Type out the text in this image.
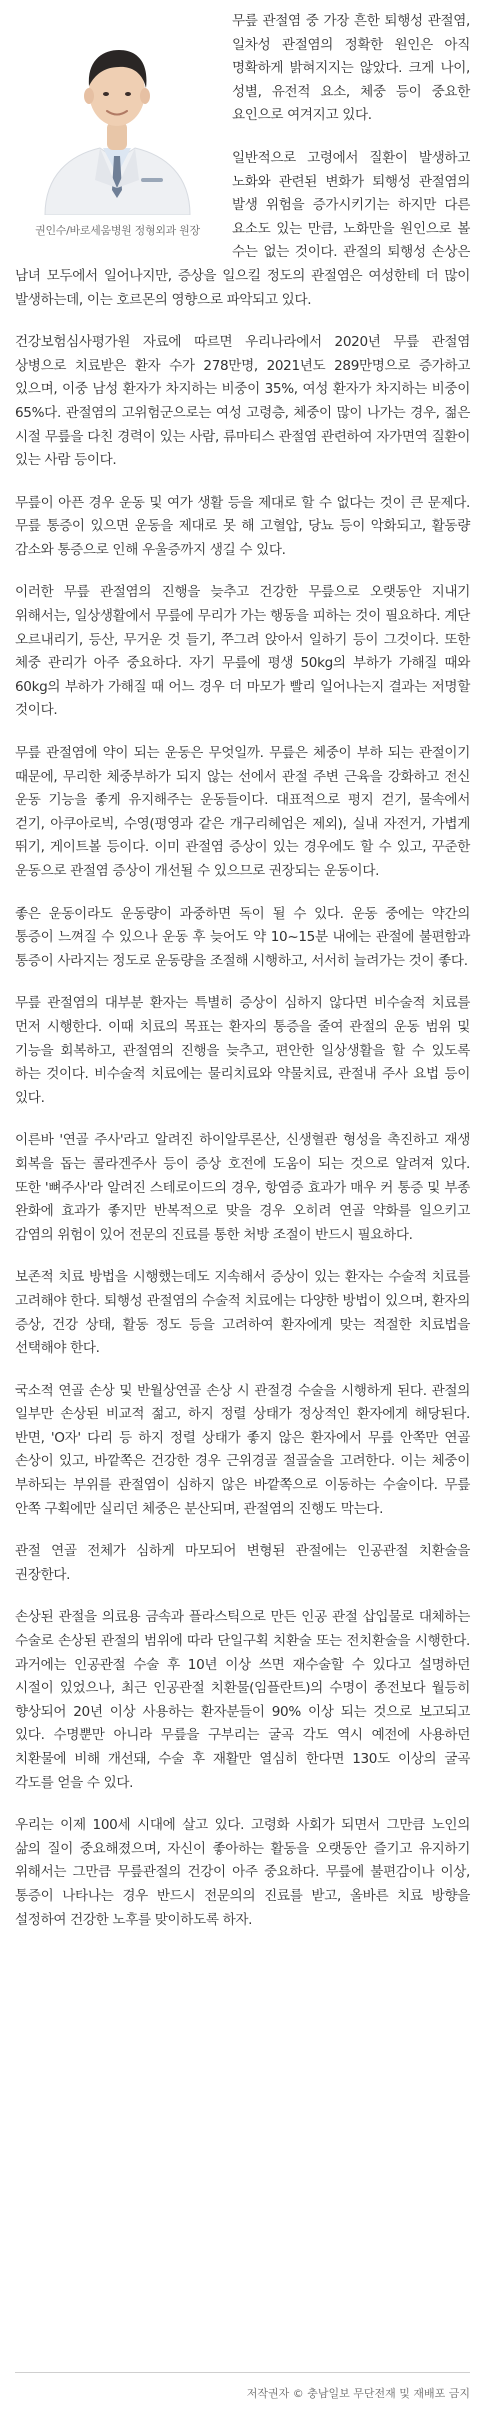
권인수/바로세움병원 정형외과 원장

무릎 관절염 중 가장 흔한 퇴행성 관절염, 일차성 관절염의 정확한 원인은 아직 명확하게 밝혀지지는 않았다. 크게 나이, 성별, 유전적 요소, 체중 등이 중요한 요인으로 여겨지고 있다.

일반적으로 고령에서 질환이 발생하고 노화와 관련된 변화가 퇴행성 관절염의 발생 위험을 증가시키기는 하지만 다른 요소도 있는 만큼, 노화만을 원인으로 볼 수는 없는 것이다. 관절의 퇴행성 손상은 남녀 모두에서 일어나지만, 증상을 일으킬 정도의 관절염은 여성한테 더 많이 발생하는데, 이는 호르몬의 영향으로 파악되고 있다.

건강보험심사평가원 자료에 따르면 우리나라에서 2020년 무릎 관절염 상병으로 치료받은 환자 수가 278만명, 2021년도 289만명으로 증가하고 있으며, 이중 남성 환자가 차지하는 비중이 35%, 여성 환자가 차지하는 비중이 65%다. 관절염의 고위험군으로는 여성 고령층, 체중이 많이 나가는 경우, 젊은 시절 무릎을 다친 경력이 있는 사람, 류마티스 관절염 관련하여 자가면역 질환이 있는 사람 등이다.

무릎이 아픈 경우 운동 및 여가 생활 등을 제대로 할 수 없다는 것이 큰 문제다. 무릎 통증이 있으면 운동을 제대로 못 해 고혈압, 당뇨 등이 악화되고, 활동량 감소와 통증으로 인해 우울증까지 생길 수 있다.

이러한 무릎 관절염의 진행을 늦추고 건강한 무릎으로 오랫동안 지내기 위해서는, 일상생활에서 무릎에 무리가 가는 행동을 피하는 것이 필요하다. 계단 오르내리기, 등산, 무거운 것 들기, 쭈그려 앉아서 일하기 등이 그것이다. 또한 체중 관리가 아주 중요하다. 자기 무릎에 평생 50kg의 부하가 가해질 때와 60kg의 부하가 가해질 때 어느 경우 더 마모가 빨리 일어나는지 결과는 저명할 것이다.

무릎 관절염에 약이 되는 운동은 무엇일까. 무릎은 체중이 부하 되는 관절이기 때문에, 무리한 체중부하가 되지 않는 선에서 관절 주변 근육을 강화하고 전신 운동 기능을 좋게 유지해주는 운동들이다. 대표적으로 평지 걷기, 물속에서 걷기, 아쿠아로빅, 수영(평영과 같은 개구리헤엄은 제외), 실내 자전거, 가볍게 뛰기, 게이트볼 등이다. 이미 관절염 증상이 있는 경우에도 할 수 있고, 꾸준한 운동으로 관절염 증상이 개선될 수 있으므로 권장되는 운동이다.

좋은 운동이라도 운동량이 과중하면 독이 될 수 있다. 운동 중에는 약간의 통증이 느껴질 수 있으나 운동 후 늦어도 약 10~15분 내에는 관절에 불편함과 통증이 사라지는 정도로 운동량을 조절해 시행하고, 서서히 늘려가는 것이 좋다.

무릎 관절염의 대부분 환자는 특별히 증상이 심하지 않다면 비수술적 치료를 먼저 시행한다. 이때 치료의 목표는 환자의 통증을 줄여 관절의 운동 범위 및 기능을 회복하고, 관절염의 진행을 늦추고, 편안한 일상생활을 할 수 있도록 하는 것이다. 비수술적 치료에는 물리치료와 약물치료, 관절내 주사 요법 등이 있다.

이른바 '연골 주사'라고 알려진 하이알루론산, 신생혈관 형성을 촉진하고 재생 회복을 돕는 콜라겐주사 등이 증상 호전에 도움이 되는 것으로 알려져 있다. 또한 '뼈주사'라 알려진 스테로이드의 경우, 항염증 효과가 매우 커 통증 및 부종 완화에 효과가 좋지만 반복적으로 맞을 경우 오히려 연골 약화를 일으키고 감염의 위험이 있어 전문의 진료를 통한 처방 조절이 반드시 필요하다.

보존적 치료 방법을 시행했는데도 지속해서 증상이 있는 환자는 수술적 치료를 고려해야 한다. 퇴행성 관절염의 수술적 치료에는 다양한 방법이 있으며, 환자의 증상, 건강 상태, 활동 정도 등을 고려하여 환자에게 맞는 적절한 치료법을 선택해야 한다.

국소적 연골 손상 및 반월상연골 손상 시 관절경 수술을 시행하게 된다. 관절의 일부만 손상된 비교적 젊고, 하지 정렬 상태가 정상적인 환자에게 해당된다. 반면, 'O자' 다리 등 하지 정렬 상태가 좋지 않은 환자에서 무릎 안쪽만 연골 손상이 있고, 바깥쪽은 건강한 경우 근위경골 절골술을 고려한다. 이는 체중이 부하되는 부위를 관절염이 심하지 않은 바깥쪽으로 이동하는 수술이다. 무릎 안쪽 구획에만 실리던 체중은 분산되며, 관절염의 진행도 막는다.

관절 연골 전체가 심하게 마모되어 변형된 관절에는 인공관절 치환술을 권장한다.

손상된 관절을 의료용 금속과 플라스틱으로 만든 인공 관절 삽입물로 대체하는 수술로 손상된 관절의 범위에 따라 단일구획 치환술 또는 전치환술을 시행한다. 과거에는 인공관절 수술 후 10년 이상 쓰면 재수술할 수 있다고 설명하던 시절이 있었으나, 최근 인공관절 치환물(임플란트)의 수명이 종전보다 월등히 향상되어 20년 이상 사용하는 환자분들이 90% 이상 되는 것으로 보고되고 있다. 수명뿐만 아니라 무릎을 구부리는 굴곡 각도 역시 예전에 사용하던 치환물에 비해 개선돼, 수술 후 재활만 열심히 한다면 130도 이상의 굴곡 각도를 얻을 수 있다.

우리는 이제 100세 시대에 살고 있다. 고령화 사회가 되면서 그만큼 노인의 삶의 질이 중요해졌으며, 자신이 좋아하는 활동을 오랫동안 즐기고 유지하기 위해서는 그만큼 무릎관절의 건강이 아주 중요하다. 무릎에 불편감이나 이상, 통증이 나타나는 경우 반드시 전문의의 진료를 받고, 올바른 치료 방향을 설정하여 건강한 노후를 맞이하도록 하자.

저작권자 © 충남일보 무단전재 및 재배포 금지
